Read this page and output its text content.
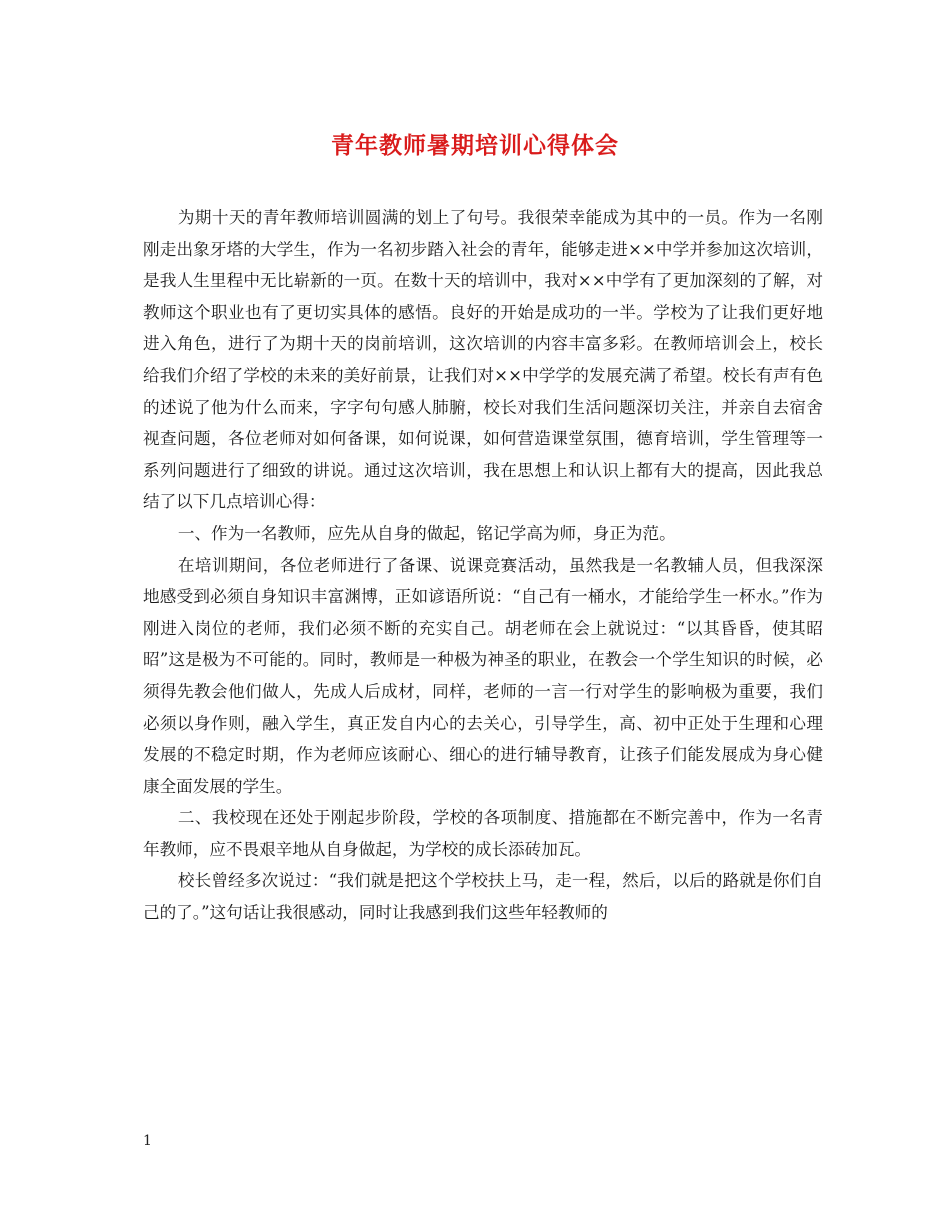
青年教师暑期培训心得体会

为期十天的青年教师培训圆满的划上了句号。我很荣幸能成为其中的一员。作为一名刚刚走出象牙塔的大学生，作为一名初步踏入社会的青年，能够走进××中学并参加这次培训，是我人生里程中无比崭新的一页。在数十天的培训中，我对××中学有了更加深刻的了解，对教师这个职业也有了更切实具体的感悟。良好的开始是成功的一半。学校为了让我们更好地进入角色，进行了为期十天的岗前培训，这次培训的内容丰富多彩。在教师培训会上，校长给我们介绍了学校的未来的美好前景，让我们对××中学学的发展充满了希望。校长有声有色的述说了他为什么而来，字字句句感人肺腑，校长对我们生活问题深切关注，并亲自去宿舍视查问题，各位老师对如何备课，如何说课，如何营造课堂氛围，德育培训，学生管理等一系列问题进行了细致的讲说。通过这次培训，我在思想上和认识上都有大的提高，因此我总结了以下几点培训心得：

一、作为一名教师，应先从自身的做起，铭记学高为师，身正为范。

在培训期间，各位老师进行了备课、说课竞赛活动，虽然我是一名教辅人员，但我深深地感受到必须自身知识丰富渊博，正如谚语所说：“自己有一桶水，才能给学生一杯水。”作为刚进入岗位的老师，我们必须不断的充实自己。胡老师在会上就说过：“以其昏昏，使其昭昭”这是极为不可能的。同时，教师是一种极为神圣的职业，在教会一个学生知识的时候，必须得先教会他们做人，先成人后成材，同样，老师的一言一行对学生的影响极为重要，我们必须以身作则，融入学生，真正发自内心的去关心，引导学生，高、初中正处于生理和心理发展的不稳定时期，作为老师应该耐心、细心的进行辅导教育，让孩子们能发展成为身心健康全面发展的学生。

二、我校现在还处于刚起步阶段，学校的各项制度、措施都在不断完善中，作为一名青年教师，应不畏艰辛地从自身做起，为学校的成长添砖加瓦。

校长曾经多次说过：“我们就是把这个学校扶上马，走一程，然后，以后的路就是你们自己的了。”这句话让我很感动，同时让我感到我们这些年轻教师的

1
